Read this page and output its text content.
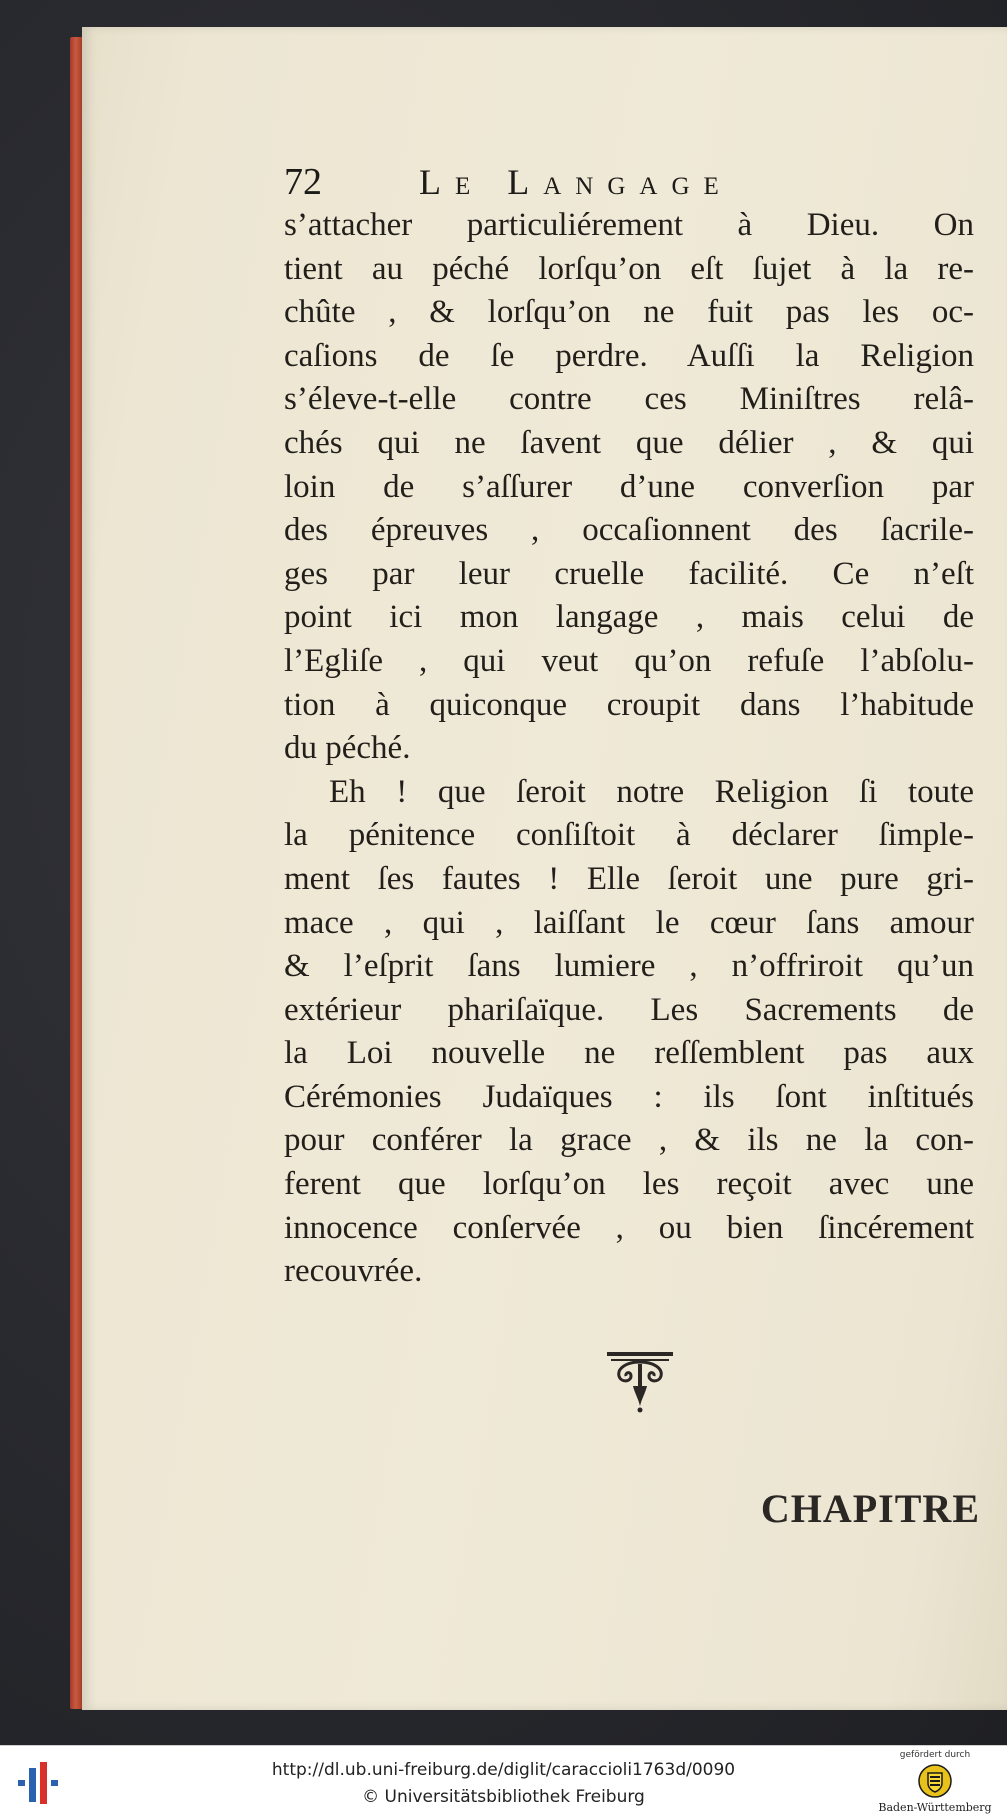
72	Le Langage
s’attacher particuliérement à Dieu. On
tient au péché lorſqu’on eſt ſujet à la re-
chûte , & lorſqu’on ne fuit pas les oc-
caſions de ſe perdre. Auſſi la Religion
s’éleve-t-elle contre ces Miniſtres relâ-
chés qui ne ſavent que délier , & qui
loin de s’aſſurer d’une converſion par
des épreuves , occaſionnent des ſacrile-
ges par leur cruelle facilité. Ce n’eſt
point ici mon langage , mais celui de
l’Egliſe , qui veut qu’on refuſe l’abſolu-
tion à quiconque croupit dans l’habitude
du péché.
Eh ! que ſeroit notre Religion ſi toute
la pénitence conſiſtoit à déclarer ſimple-
ment ſes fautes ! Elle ſeroit une pure gri-
mace , qui , laiſſant le cœur ſans amour
& l’eſprit ſans lumiere , n’offriroit qu’un
extérieur phariſaïque. Les Sacrements de
la Loi nouvelle ne reſſemblent pas aux
Cérémonies Judaïques : ils ſont inſtitués
pour conférer la grace , & ils ne la con-
ferent que lorſqu’on les reçoit avec une
innocence conſervée , ou bien ſincérement
recouvrée.
CHAPITRE
http://dl.ub.uni-freiburg.de/diglit/caraccioli1763d/0090
© Universitätsbibliothek Freiburg
gefördert durch
Baden-Württemberg
